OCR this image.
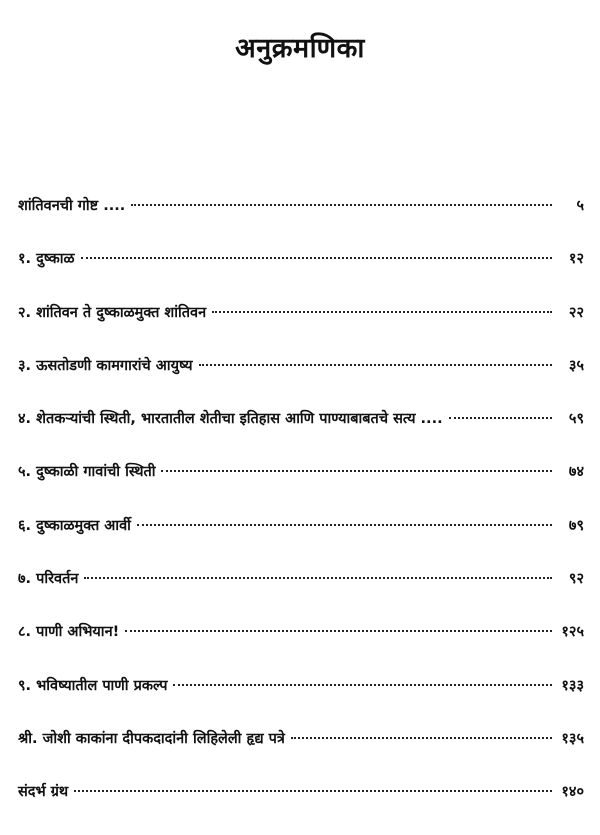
अनुक्रमणिका
शांतिवनची गोष्ट ....	५
१. दुष्काळ	१२
२. शांतिवन ते दुष्काळमुक्त शांतिवन	२२
३. ऊसतोडणी कामगारांचे आयुष्य	३५
४. शेतकऱ्यांची स्थिती, भारतातील शेतीचा इतिहास आणि पाण्याबाबतचे सत्य ....	५९
५. दुष्काळी गावांची स्थिती	७४
६. दुष्काळमुक्त आर्वी	७९
७. परिवर्तन	९२
८. पाणी अभियान!	१२५
९. भविष्यातील पाणी प्रकल्प	१३३
श्री. जोशी काकांना दीपकदादांनी लिहिलेली हृद्य पत्रे	१३५
संदर्भ ग्रंथ	१४०
